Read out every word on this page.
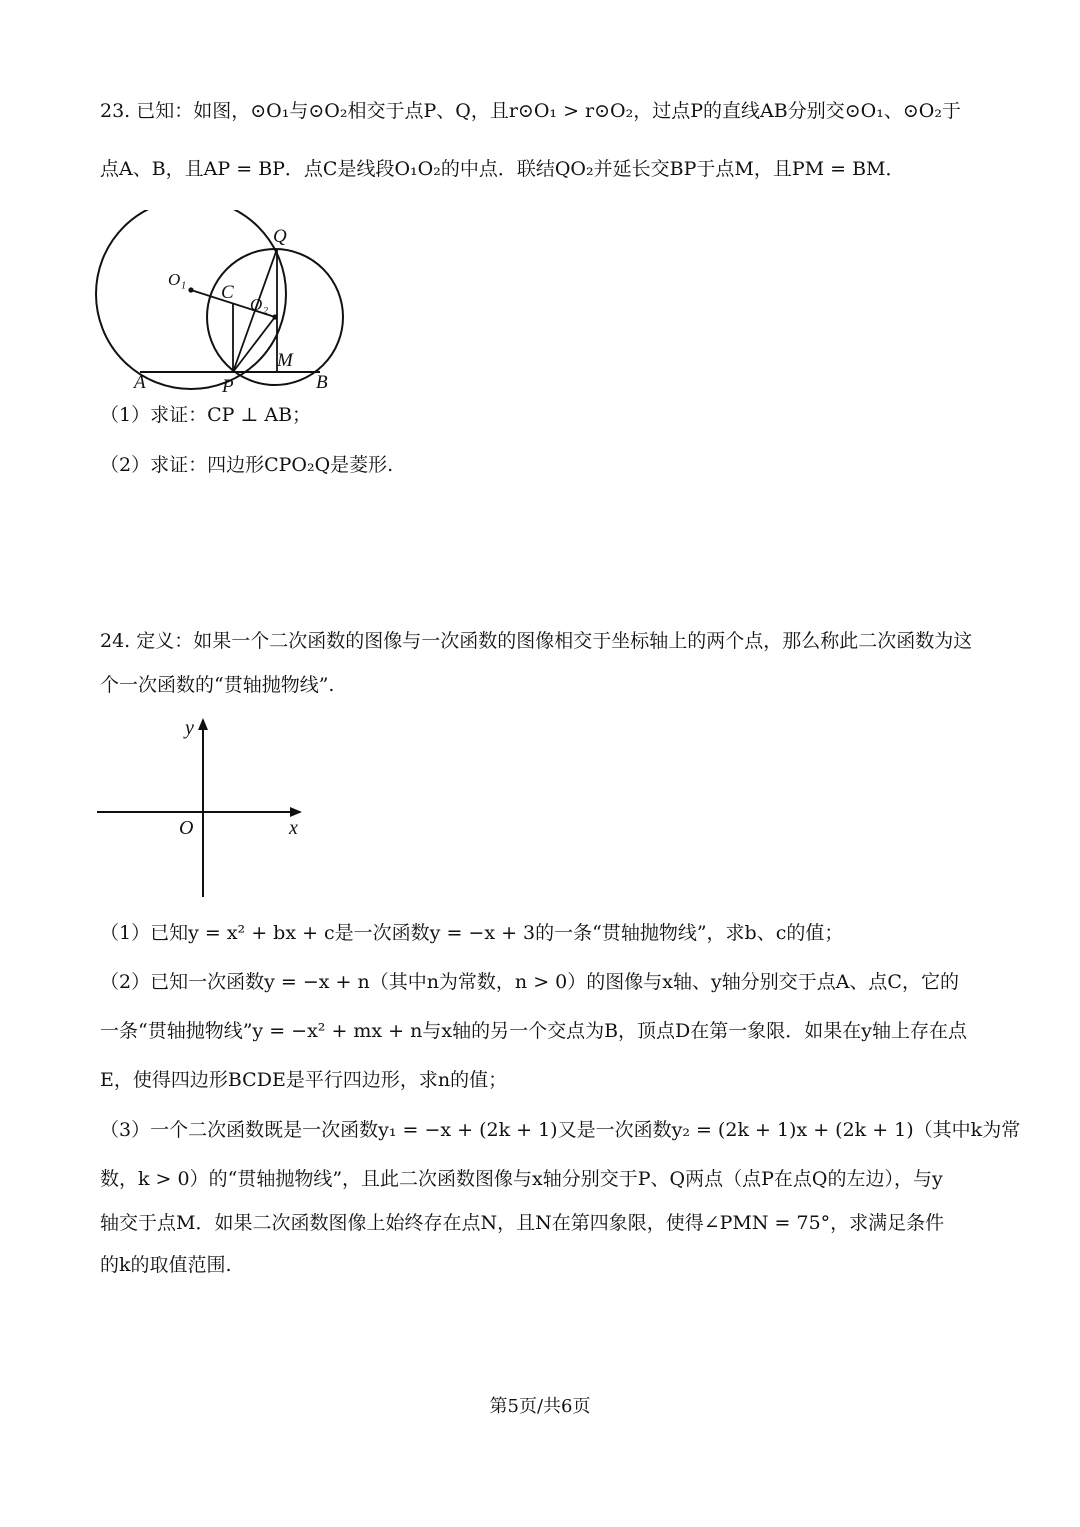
23. 已知：如图，⊙O₁与⊙O₂相交于点P、Q，且r⊙O₁ > r⊙O₂，过点P的直线AB分别交⊙O₁、⊙O₂于
点A、B，且AP = BP．点C是线段O₁O₂的中点．联结QO₂并延长交BP于点M，且PM = BM．
Q
O₁
C
O₂
M
A	P	B
（1）求证：CP ⊥ AB；
（2）求证：四边形CPO₂Q是菱形.
24. 定义：如果一个二次函数的图像与一次函数的图像相交于坐标轴上的两个点，那么称此二次函数为这
个一次函数的“贯轴抛物线”.
y
x
O
（1）已知y = x² + bx + c是一次函数y = −x + 3的一条“贯轴抛物线”，求b、c的值；
（2）已知一次函数y = −x + n（其中n为常数，n > 0）的图像与x轴、y轴分别交于点A、点C，它的
一条“贯轴抛物线”y = −x² + mx + n与x轴的另一个交点为B，顶点D在第一象限．如果在y轴上存在点
E，使得四边形BCDE是平行四边形，求n的值；
（3）一个二次函数既是一次函数y₁ = −x + (2k + 1)又是一次函数y₂ = (2k + 1)x + (2k + 1)（其中k为常
数，k > 0）的“贯轴抛物线”，且此二次函数图像与x轴分别交于P、Q两点（点P在点Q的左边），与y
轴交于点M．如果二次函数图像上始终存在点N，且N在第四象限，使得∠PMN = 75°，求满足条件
的k的取值范围.
第5页/共6页
